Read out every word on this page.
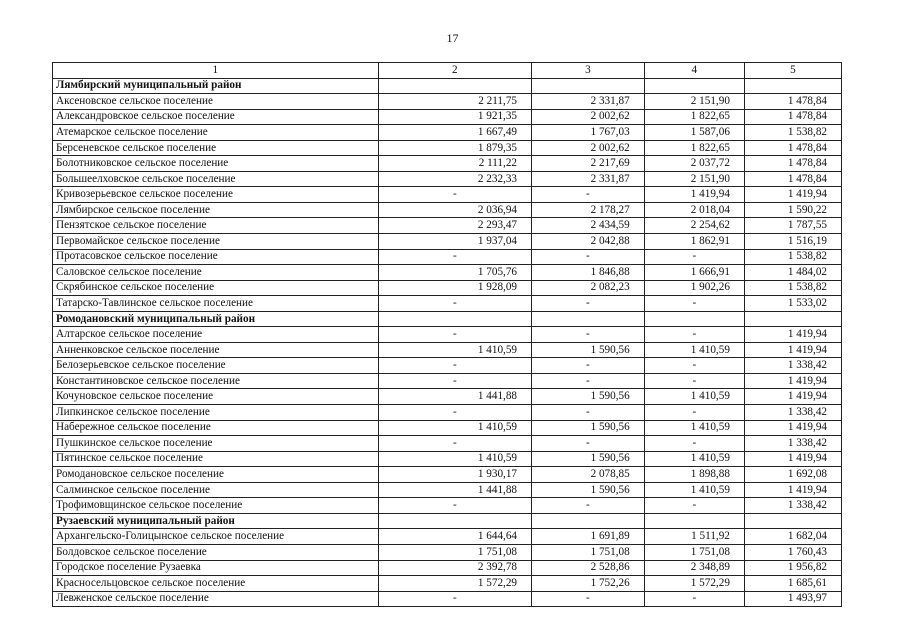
17
1	2	3	4	5
Лямбирский муниципальный район				
Аксеновское сельское поселение	2 211,75	2 331,87	2 151,90	1 478,84
Александровское сельское поселение	1 921,35	2 002,62	1 822,65	1 478,84
Атемарское сельское поселение	1 667,49	1 767,03	1 587,06	1 538,82
Берсеневское сельское поселение	1 879,35	2 002,62	1 822,65	1 478,84
Болотниковское сельское поселение	2 111,22	2 217,69	2 037,72	1 478,84
Большеелховское сельское поселение	2 232,33	2 331,87	2 151,90	1 478,84
Кривозерьевское сельское поселение	-	-	1 419,94	1 419,94
Лямбирское сельское поселение	2 036,94	2 178,27	2 018,04	1 590,22
Пензятское сельское поселение	2 293,47	2 434,59	2 254,62	1 787,55
Первомайское сельское поселение	1 937,04	2 042,88	1 862,91	1 516,19
Протасовское сельское поселение	-	-	-	1 538,82
Саловское сельское поселение	1 705,76	1 846,88	1 666,91	1 484,02
Скрябинское сельское поселение	1 928,09	2 082,23	1 902,26	1 538,82
Татарско-Тавлинское сельское поселение	-	-	-	1 533,02
Ромодановский муниципальный район				
Алтарское сельское поселение	-	-	-	1 419,94
Анненковское сельское поселение	1 410,59	1 590,56	1 410,59	1 419,94
Белозерьевское сельское поселение	-	-	-	1 338,42
Константиновское сельское поселение	-	-	-	1 419,94
Кочуновское сельское поселение	1 441,88	1 590,56	1 410,59	1 419,94
Липкинское сельское поселение	-	-	-	1 338,42
Набережное сельское поселение	1 410,59	1 590,56	1 410,59	1 419,94
Пушкинское сельское поселение	-	-	-	1 338,42
Пятинское сельское поселение	1 410,59	1 590,56	1 410,59	1 419,94
Ромодановское сельское поселение	1 930,17	2 078,85	1 898,88	1 692,08
Салминское сельское поселение	1 441,88	1 590,56	1 410,59	1 419,94
Трофимовщинское сельское поселение	-	-	-	1 338,42
Рузаевский муниципальный район				
Архангельско-Голицынское сельское поселение	1 644,64	1 691,89	1 511,92	1 682,04
Болдовское сельское поселение	1 751,08	1 751,08	1 751,08	1 760,43
Городское поселение Рузаевка	2 392,78	2 528,86	2 348,89	1 956,82
Красносельцовское сельское поселение	1 572,29	1 752,26	1 572,29	1 685,61
Левженское сельское поселение	-	-	-	1 493,97
